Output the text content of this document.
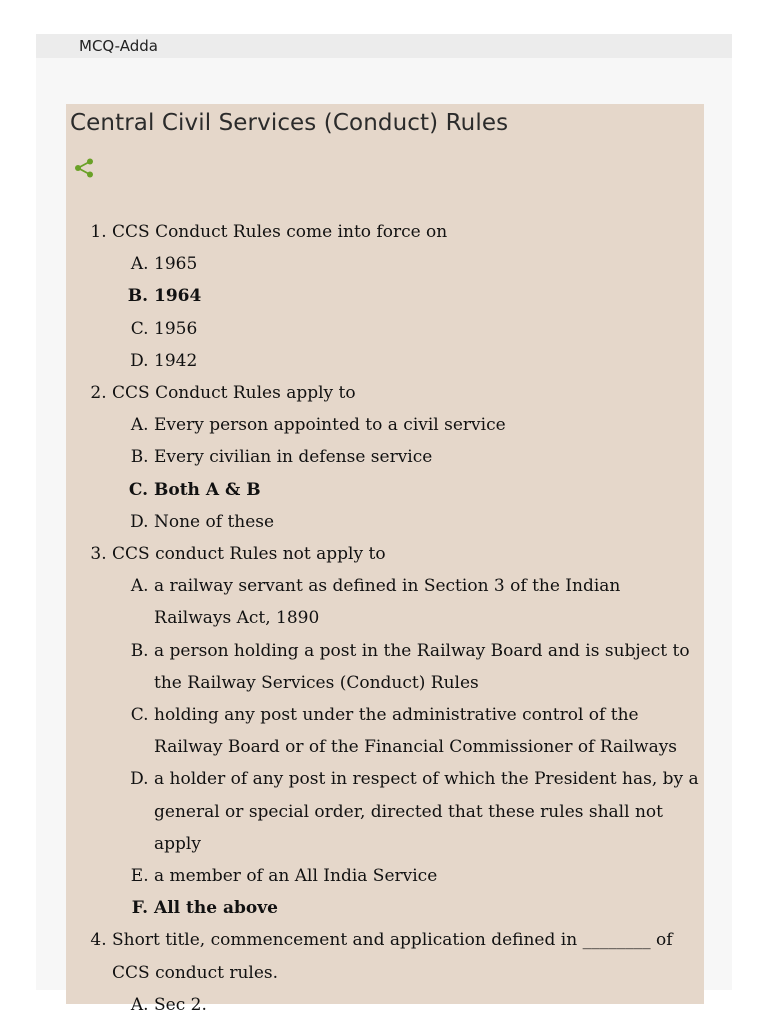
MCQ-Adda
Central Civil Services (Conduct) Rules
1. CCS Conduct Rules come into force on
A. 1965
B. 1964
C. 1956
D. 1942
2. CCS Conduct Rules apply to
A. Every person appointed to a civil service
B. Every civilian in defense service
C. Both A & B
D. None of these
3. CCS conduct Rules not apply to
A. a railway servant as defined in Section 3 of the Indian Railways Act, 1890
B. a person holding a post in the Railway Board and is subject to the Railway Services (Conduct) Rules
C. holding any post under the administrative control of the Railway Board or of the Financial Commissioner of Railways
D. a holder of any post in respect of which the President has, by a general or special order, directed that these rules shall not apply
E. a member of an All India Service
F. All the above
4. Short title, commencement and application defined in ________ of CCS conduct rules.
A. Sec 2.
